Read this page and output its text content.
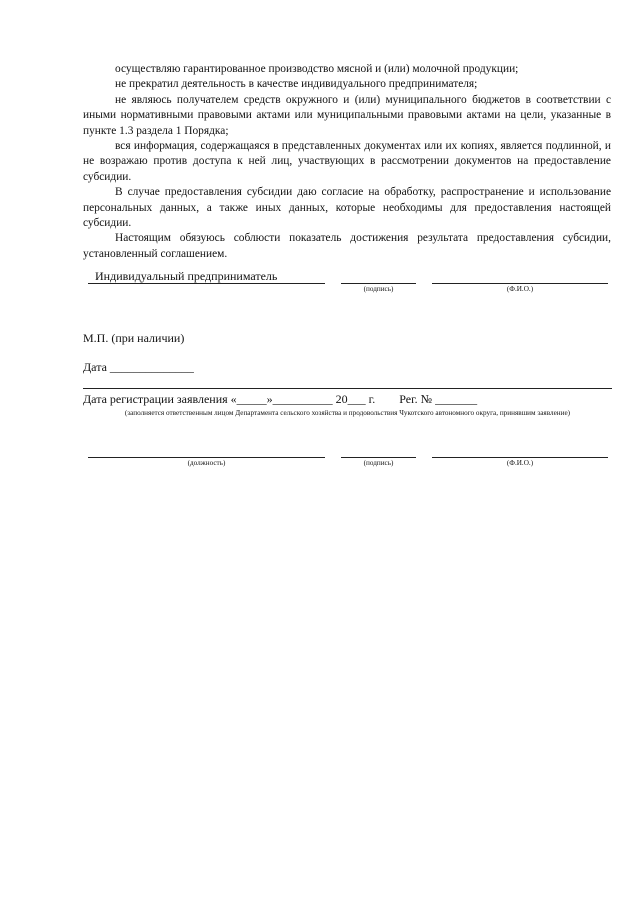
осуществляю гарантированное производство мясной и (или) молочной продукции;

не прекратил деятельность в качестве индивидуального предпринимателя;

не являюсь получателем средств окружного и (или) муниципального бюджетов в соответствии с иными нормативными правовыми актами или муниципальными правовыми актами на цели, указанные в пункте 1.3 раздела 1 Порядка;

вся информация, содержащаяся в представленных документах или их копиях, является подлинной, и не возражаю против доступа к ней лиц, участвующих в рассмотрении документов на предоставление субсидии.

В случае предоставления субсидии даю согласие на обработку, распространение и использование персональных данных, а также иных данных, которые необходимы для предоставления настоящей субсидии.

Настоящим обязуюсь соблюсти показатель достижения результата предоставления субсидии, установленный соглашением.

Индивидуальный предприниматель
(подпись)	(Ф.И.О.)
М.П. (при наличии)
Дата ______________
Дата регистрации заявления «_____»__________ 20___ г.        Рег. № _______
(заполняется ответственным лицом Департамента сельского хозяйства и продовольствия Чукотского автономного округа, принявшим заявление)
(должность)	(подпись)	(Ф.И.О.)
